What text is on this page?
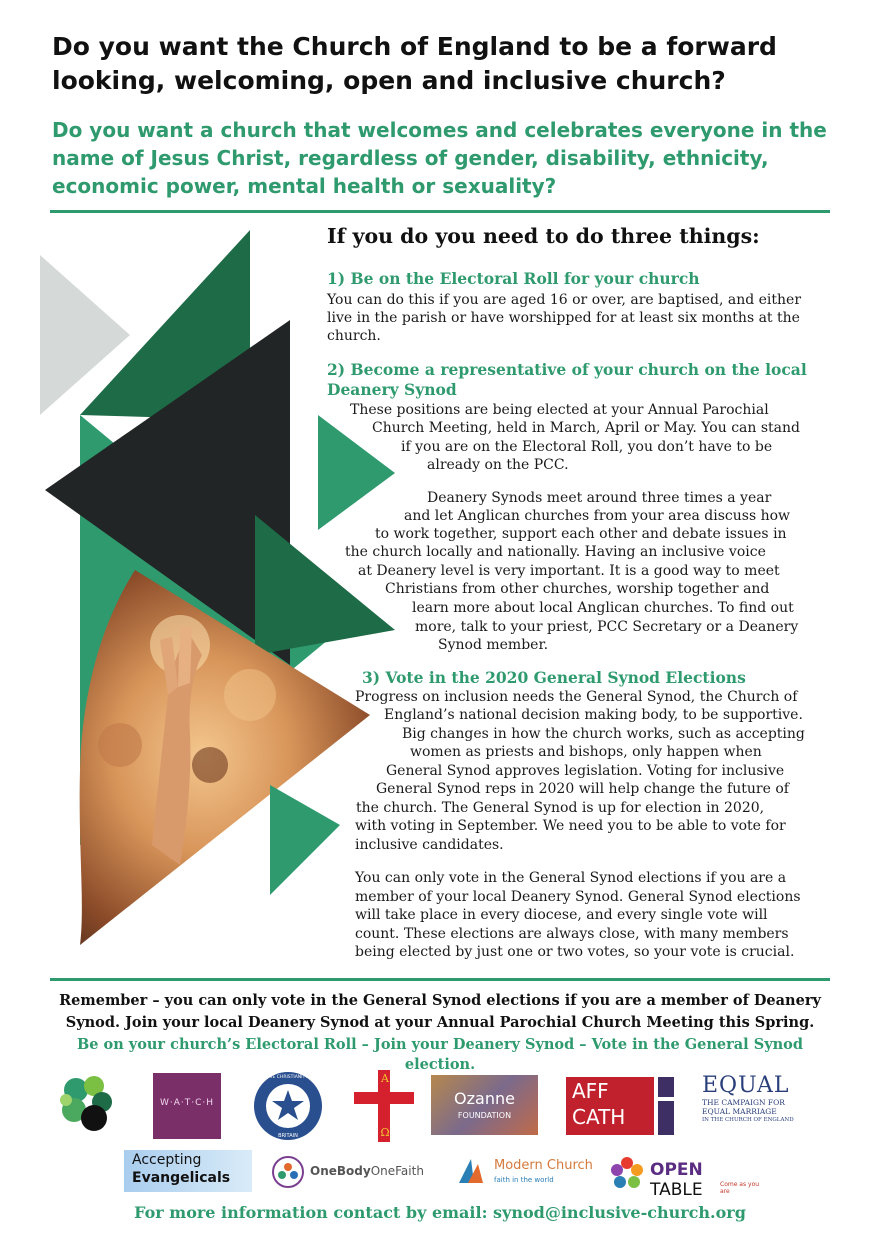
Do you want the Church of England to be a forward looking, welcoming, open and inclusive church?
Do you want a church that welcomes and celebrates everyone in the name of Jesus Christ, regardless of gender, disability, ethnicity, economic power, mental health or sexuality?
If you do you need to do three things:
1) Be on the Electoral Roll for your church

You can do this if you are aged 16 or over, are baptised, and either

live in the parish or have worshipped for at least six months at the

church.

2) Become a representative of your church on the local
Deanery Synod

These positions are being elected at your Annual Parochial

Church Meeting, held in March, April or May. You can stand

if you are on the Electoral Roll, you don’t have to be

already on the PCC.

Deanery Synods meet around three times a year

and let Anglican churches from your area discuss how

to work together, support each other and debate issues in

the church locally and nationally. Having an inclusive voice

at Deanery level is very important. It is a good way to meet

Christians from other churches, worship together and

learn more about local Anglican churches. To find out

more, talk to your priest, PCC Secretary or a Deanery

Synod member.

3) Vote in the 2020 General Synod Elections

Progress on inclusion needs the General Synod, the Church of

England’s national decision making body, to be supportive.

Big changes in how the church works, such as accepting

women as priests and bishops, only happen when

General Synod approves legislation. Voting for inclusive

General Synod reps in 2020 will help change the future of

the church. The General Synod is up for election in 2020,

with voting in September. We need you to be able to vote for

inclusive candidates.

You can only vote in the General Synod elections if you are a

member of your local Deanery Synod. General Synod elections

will take place in every diocese, and every single vote will

count. These elections are always close, with many members

being elected by just one or two votes, so your vote is crucial.

Remember – you can only vote in the General Synod elections if you are a member of Deanery
Synod. Join your local Deanery Synod at your Annual Parochial Church Meeting this Spring.

Be on your church’s Electoral Roll – Join your Deanery Synod – Vote in the General Synod election.

W·A·T·C·H
PROGRESSIVE CHRISTIANITY NETWORK
BRITAIN
A
Ω
Ozanne
FOUNDATION
AFF
CATH
EQUAL
THE CAMPAIGN FOR
EQUAL MARRIAGE
IN THE CHURCH OF ENGLAND
Accepting
Evangelicals	OneBodyOneFaith	Modern Church
faith in the world	OPEN TABLE	Come as you are

For more information contact by email: synod@inclusive-church.org
